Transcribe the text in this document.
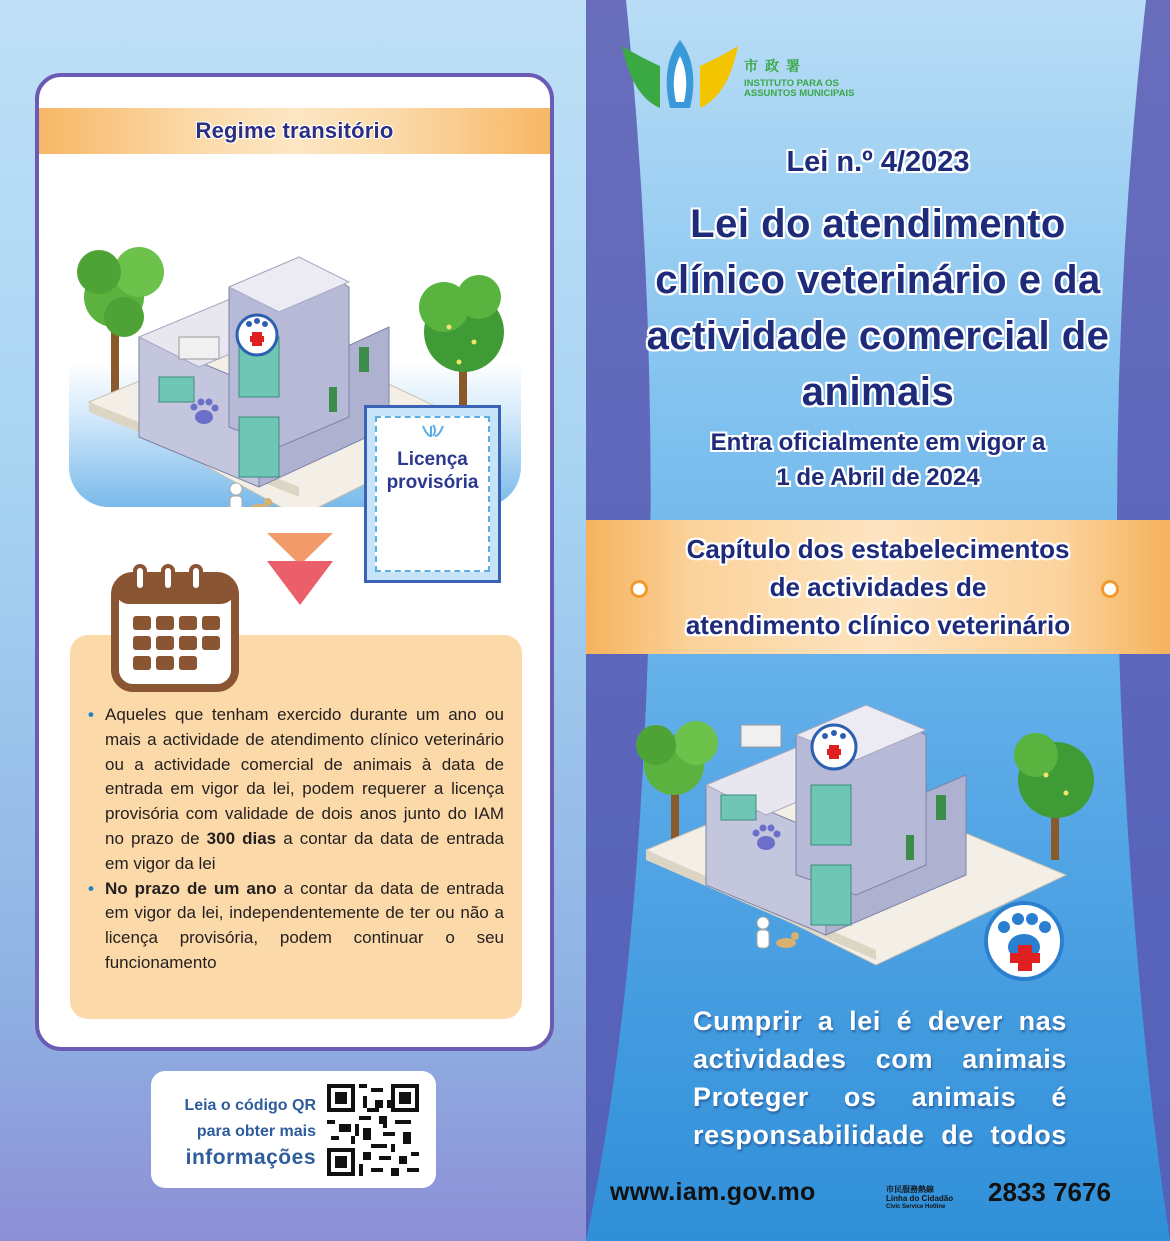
Regime transitório
Licença
provisória
• Aqueles que tenham exercido durante um ano ou mais a actividade de atendimento clínico veterinário ou a actividade comercial de animais à data de entrada em vigor da lei, podem requerer a licença provisória com validade de dois anos junto do IAM no prazo de 300 dias a contar da data de entrada em vigor da lei
• No prazo de um ano a contar da data de entrada em vigor da lei, independentemente de ter ou não a licença provisória, podem continuar o seu funcionamento
Leia o código QR
para obter mais
informações
市政署
INSTITUTO PARA OS
ASSUNTOS MUNICIPAIS
Lei n.º 4/2023
Lei do atendimento clínico veterinário e da actividade comercial de animais
Entra oficialmente em vigor a
1 de Abril de 2024
Capítulo dos estabelecimentos
de actividades de
atendimento clínico veterinário
Cumprir a lei é dever nas
actividades com animais
Proteger os animais é
responsabilidade de todos
www.iam.gov.mo	市民服務熱線
Linha do Cidadão
Civic Service Hotline	2833 7676
